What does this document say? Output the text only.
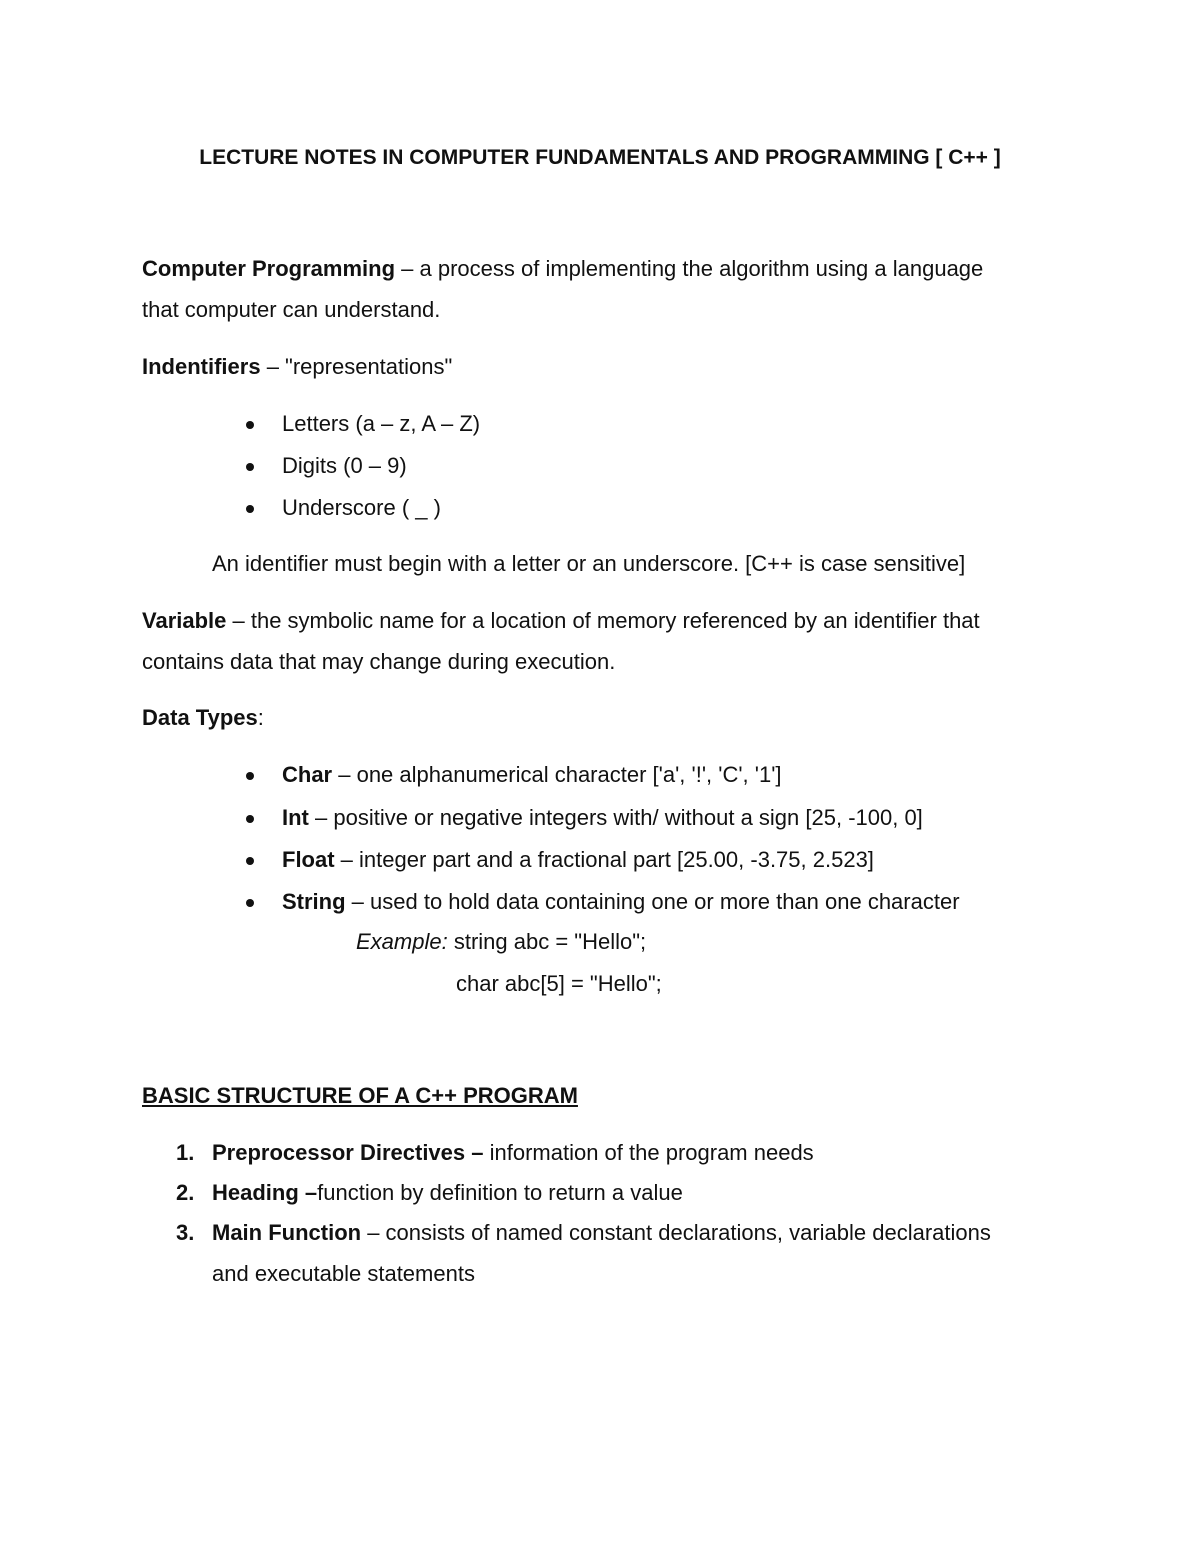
LECTURE NOTES IN COMPUTER FUNDAMENTALS AND PROGRAMMING [ C++ ]
Computer Programming – a process of implementing the algorithm using a language
that computer can understand.
Indentifiers – "representations"
Letters (a – z, A – Z)
Digits (0 – 9)
Underscore ( _ )
An identifier must begin with a letter or an underscore. [C++ is case sensitive]
Variable – the symbolic name for a location of memory referenced by an identifier that
contains data that may change during execution.
Data Types:
Char – one alphanumerical character ['a', '!', 'C', '1']
Int – positive or negative integers with/ without a sign [25, -100, 0]
Float – integer part and a fractional part [25.00, -3.75, 2.523]
String – used to hold data containing one or more than one character
Example: string abc = "Hello";
char abc[5] = "Hello";
BASIC STRUCTURE OF A C++ PROGRAM
1. Preprocessor Directives – information of the program needs
2. Heading –function by definition to return a value
3. Main Function – consists of named constant declarations, variable declarations
and executable statements
